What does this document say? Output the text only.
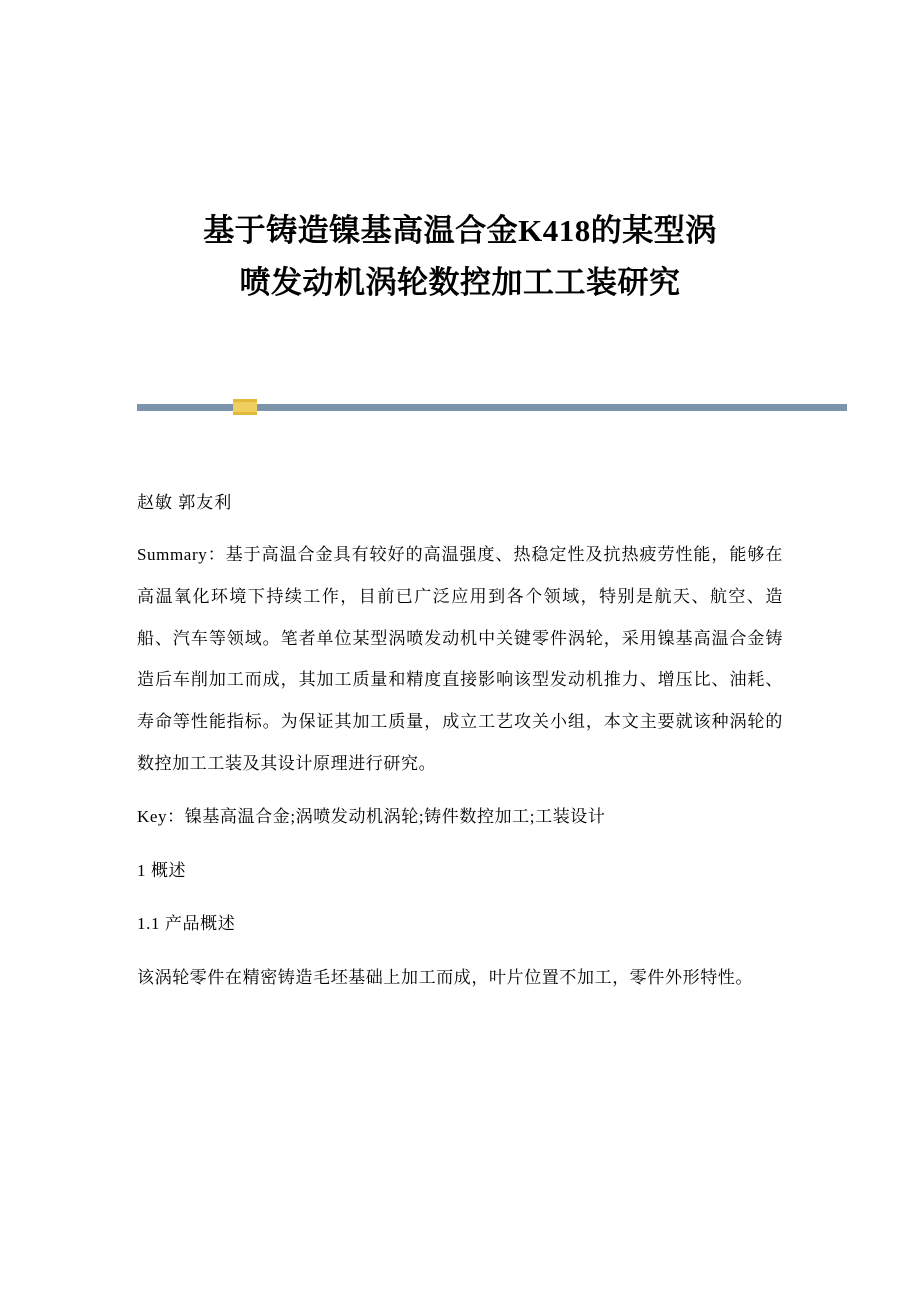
基于铸造镍基高温合金K418的某型涡
喷发动机涡轮数控加工工装研究
赵敏 郭友利

Summary：基于高温合金具有较好的高温强度、热稳定性及抗热疲劳性能，能够在高温氧化环境下持续工作，目前已广泛应用到各个领域，特别是航天、航空、造船、汽车等领域。笔者单位某型涡喷发动机中关键零件涡轮，采用镍基高温合金铸造后车削加工而成，其加工质量和精度直接影响该型发动机推力、增压比、油耗、寿命等性能指标。为保证其加工质量，成立工艺攻关小组，本文主要就该种涡轮的数控加工工装及其设计原理进行研究。

Key：镍基高温合金;涡喷发动机涡轮;铸件数控加工;工装设计

1 概述

1.1 产品概述

该涡轮零件在精密铸造毛坯基础上加工而成，叶片位置不加工，零件外形特性。
